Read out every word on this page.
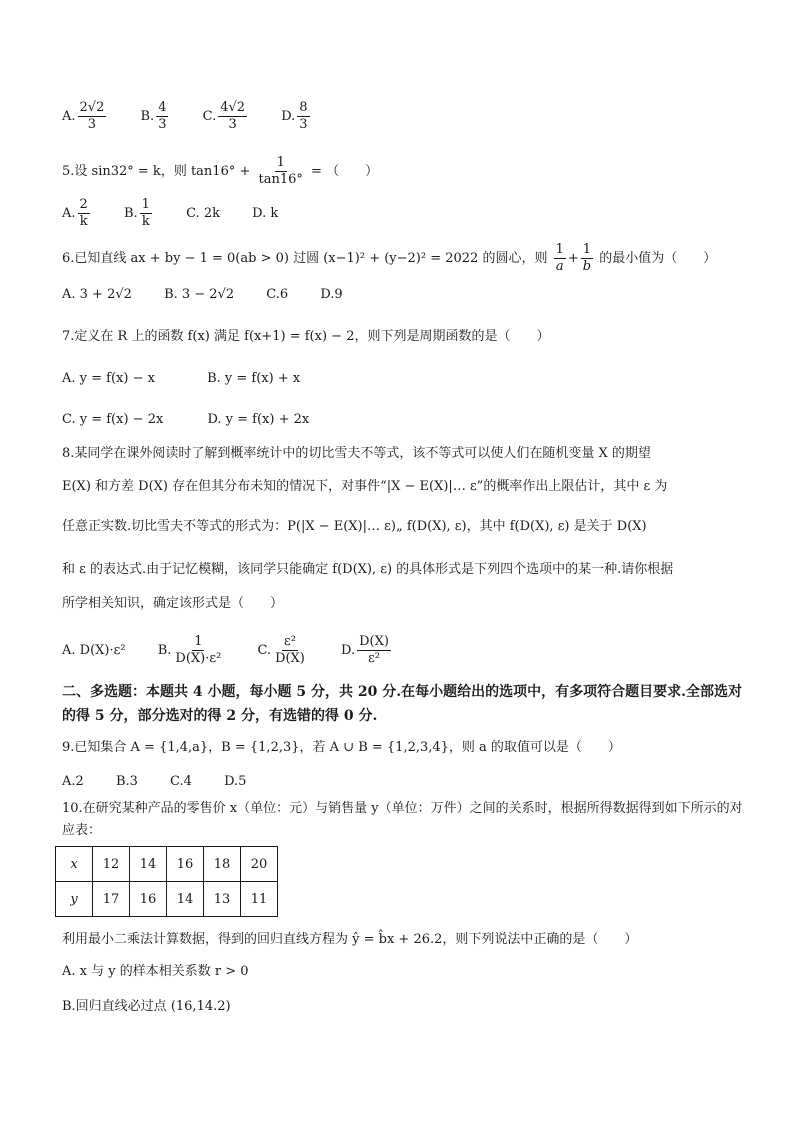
A. $\frac{2√2}{3}$	B. $\frac{4}{3}$	C. $\frac{4√2}{3}$	D. $\frac{8}{3}$
5.设 sin32° = k，则 $\tan 16^\circ + \frac{1}{\tan 16^\circ}$ = （　　）
A. $\frac{2}{k}$	B. $\frac{1}{k}$	C. 2k D. k
6.已知直线 ax + by − 1 = 0(ab > 0) 过圆 (x−1)² + (y−2)² = 2022 的圆心，则 $\frac{1}{a} + \frac{1}{b}$ 的最小值为（　　）
A. 3 + 2√2 B. 3 − 2√2 C.6 D.9
7.定义在 R 上的函数 f(x) 满足 f(x+1) = f(x) − 2，则下列是周期函数的是（　　）
A. y = f(x) − x	B. y = f(x) + x
C. y = f(x) − 2x	D. y = f(x) + 2x
8.某同学在课外阅读时了解到概率统计中的切比雪夫不等式，该不等式可以使人们在随机变量 X 的期望
E(X) 和方差 D(X) 存在但其分布未知的情况下，对事件“|X − E(X)|… ε”的概率作出上限估计，其中 ε 为
任意正实数.切比雪夫不等式的形式为：P(|X − E(X)|… ε)„ f(D(X), ε)，其中 f(D(X), ε) 是关于 D(X)
和 ε 的表达式.由于记忆模糊，该同学只能确定 f(D(X), ε) 的具体形式是下列四个选项中的某一种.请你根据
所学相关知识，确定该形式是（　　）
A. D(X)·ε² B. $\frac{1}{\text{D(X)·ε²}}$	C. $\frac{\text{ε²}}{D(X)}$	D. $\frac{D(X)}{\text{ε²}}$
二、多选题：本题共 4 小题，每小题 5 分，共 20 分.在每小题给出的选项中，有多项符合题目要求.全部选对的得 5 分，部分选对的得 2 分，有选错的得 0 分.
9.已知集合 A = {1,4,a}，B = {1,2,3}，若 A ∪ B = {1,2,3,4}，则 a 的取值可以是（　　）
A.2 B.3 C.4 D.5
10.在研究某种产品的零售价 x（单位：元）与销售量 y（单位：万件）之间的关系时，根据所得数据得到如下所示的对应表：
x	12	14	16	18	20
y	17	16	14	13	11
利用最小二乘法计算数据，得到的回归直线方程为 ŷ = b̂x + 26.2，则下列说法中正确的是（　　）
A. x 与 y 的样本相关系数 r > 0
B.回归直线必过点 (16,14.2)
